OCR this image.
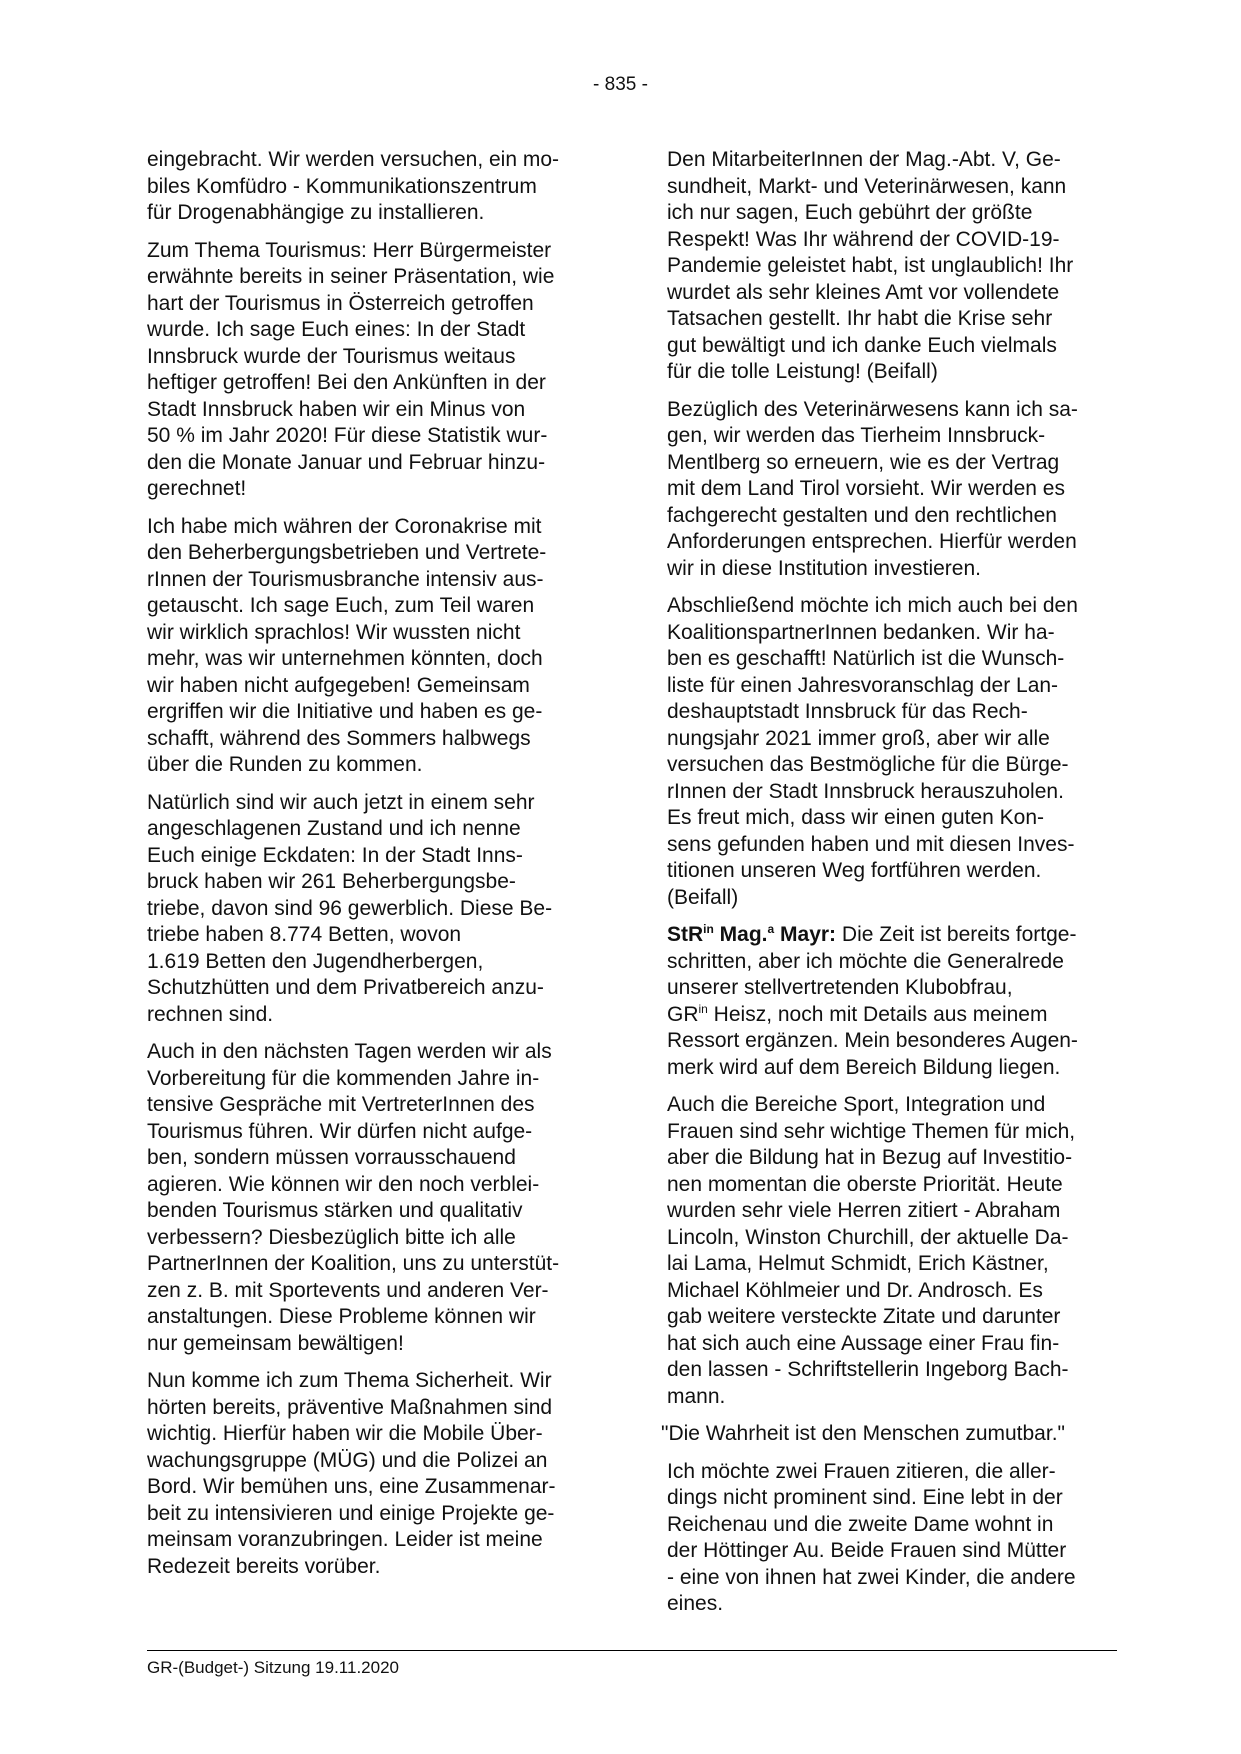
- 835 -

eingebracht. Wir werden versuchen, ein mo-
biles Komfüdro - Kommunikationszentrum
für Drogenabhängige zu installieren.

Zum Thema Tourismus: Herr Bürgermeister
erwähnte bereits in seiner Präsentation, wie
hart der Tourismus in Österreich getroffen
wurde. Ich sage Euch eines: In der Stadt
Innsbruck wurde der Tourismus weitaus
heftiger getroffen! Bei den Ankünften in der
Stadt Innsbruck haben wir ein Minus von
50 % im Jahr 2020! Für diese Statistik wur-
den die Monate Januar und Februar hinzu-
gerechnet!

Ich habe mich währen der Coronakrise mit
den Beherbergungsbetrieben und Vertrete-
rInnen der Tourismusbranche intensiv aus-
getauscht. Ich sage Euch, zum Teil waren
wir wirklich sprachlos! Wir wussten nicht
mehr, was wir unternehmen könnten, doch
wir haben nicht aufgegeben! Gemeinsam
ergriffen wir die Initiative und haben es ge-
schafft, während des Sommers halbwegs
über die Runden zu kommen.

Natürlich sind wir auch jetzt in einem sehr
angeschlagenen Zustand und ich nenne
Euch einige Eckdaten: In der Stadt Inns-
bruck haben wir 261 Beherbergungsbe-
triebe, davon sind 96 gewerblich. Diese Be-
triebe haben 8.774 Betten, wovon
1.619 Betten den Jugendherbergen,
Schutzhütten und dem Privatbereich anzu-
rechnen sind.

Auch in den nächsten Tagen werden wir als
Vorbereitung für die kommenden Jahre in-
tensive Gespräche mit VertreterInnen des
Tourismus führen. Wir dürfen nicht aufge-
ben, sondern müssen vorrausschauend
agieren. Wie können wir den noch verblei-
benden Tourismus stärken und qualitativ
verbessern? Diesbezüglich bitte ich alle
PartnerInnen der Koalition, uns zu unterstüt-
zen z. B. mit Sportevents und anderen Ver-
anstaltungen. Diese Probleme können wir
nur gemeinsam bewältigen!

Nun komme ich zum Thema Sicherheit. Wir
hörten bereits, präventive Maßnahmen sind
wichtig. Hierfür haben wir die Mobile Über-
wachungsgruppe (MÜG) und die Polizei an
Bord. Wir bemühen uns, eine Zusammenar-
beit zu intensivieren und einige Projekte ge-
meinsam voranzubringen. Leider ist meine
Redezeit bereits vorüber.

Den MitarbeiterInnen der Mag.-Abt. V, Ge-
sundheit, Markt- und Veterinärwesen, kann
ich nur sagen, Euch gebührt der größte
Respekt! Was Ihr während der COVID-19-
Pandemie geleistet habt, ist unglaublich! Ihr
wurdet als sehr kleines Amt vor vollendete
Tatsachen gestellt. Ihr habt die Krise sehr
gut bewältigt und ich danke Euch vielmals
für die tolle Leistung! (Beifall)

Bezüglich des Veterinärwesens kann ich sa-
gen, wir werden das Tierheim Innsbruck-
Mentlberg so erneuern, wie es der Vertrag
mit dem Land Tirol vorsieht. Wir werden es
fachgerecht gestalten und den rechtlichen
Anforderungen entsprechen. Hierfür werden
wir in diese Institution investieren.

Abschließend möchte ich mich auch bei den
KoalitionspartnerInnen bedanken. Wir ha-
ben es geschafft! Natürlich ist die Wunsch-
liste für einen Jahresvoranschlag der Lan-
deshauptstadt Innsbruck für das Rech-
nungsjahr 2021 immer groß, aber wir alle
versuchen das Bestmögliche für die Bürge-
rInnen der Stadt Innsbruck herauszuholen.
Es freut mich, dass wir einen guten Kon-
sens gefunden haben und mit diesen Inves-
titionen unseren Weg fortführen werden.
(Beifall)

StR$^{in}$ Mag.$^a$ Mayr: Die Zeit ist bereits fortge-
schritten, aber ich möchte die Generalrede
unserer stellvertretenden Klubobfrau,
$GR^{in}$ Heisz, noch mit Details aus meinem
Ressort ergänzen. Mein besonderes Augen-
merk wird auf dem Bereich Bildung liegen.

Auch die Bereiche Sport, Integration und
Frauen sind sehr wichtige Themen für mich,
aber die Bildung hat in Bezug auf Investitio-
nen momentan die oberste Priorität. Heute
wurden sehr viele Herren zitiert - Abraham
Lincoln, Winston Churchill, der aktuelle Da-
lai Lama, Helmut Schmidt, Erich Kästner,
Michael Köhlmeier und Dr. Androsch. Es
gab weitere versteckte Zitate und darunter
hat sich auch eine Aussage einer Frau fin-
den lassen - Schriftstellerin Ingeborg Bach-
mann.

"Die Wahrheit ist den Menschen zumutbar."

Ich möchte zwei Frauen zitieren, die aller-
dings nicht prominent sind. Eine lebt in der
Reichenau und die zweite Dame wohnt in
der Höttinger Au. Beide Frauen sind Mütter
- eine von ihnen hat zwei Kinder, die andere
eines.

GR-(Budget-) Sitzung 19.11.2020
